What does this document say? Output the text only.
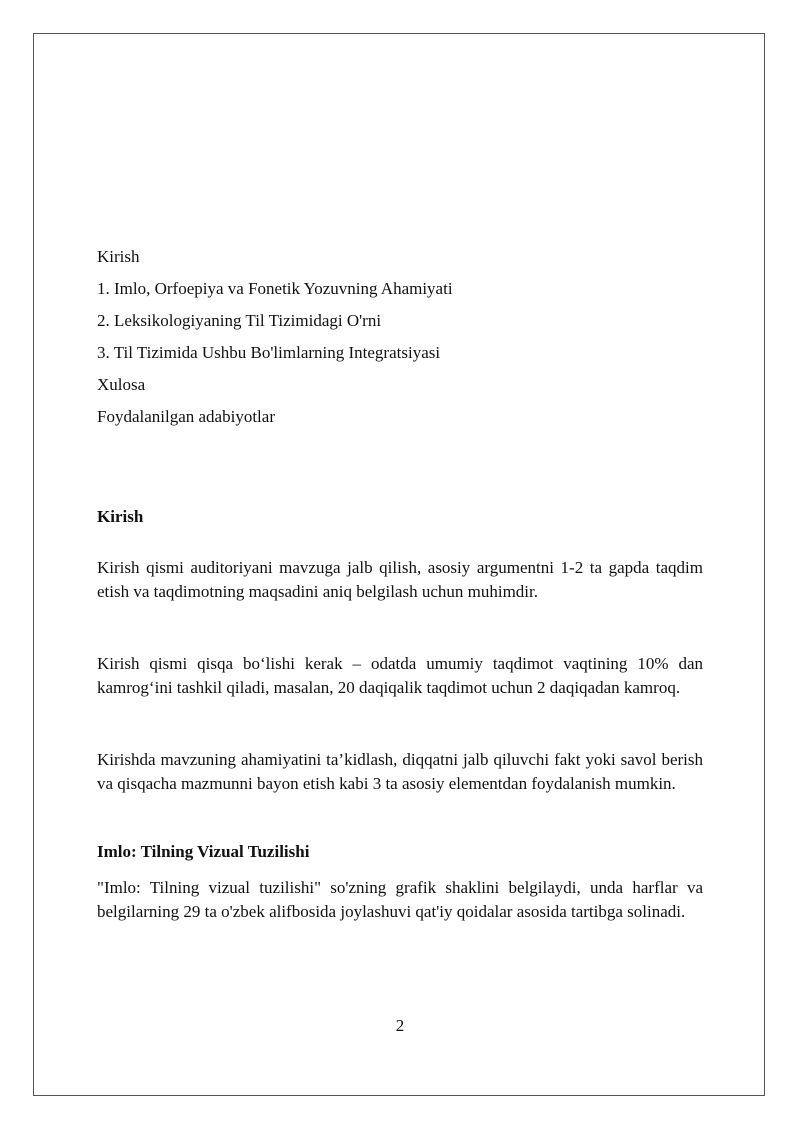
Kirish
1. Imlo, Orfoepiya va Fonetik Yozuvning Ahamiyati
2. Leksikologiyaning Til Tizimidagi O'rni
3. Til Tizimida Ushbu Bo'limlarning Integratsiyasi
Xulosa
Foydalanilgan adabiyotlar
Kirish

Kirish qismi auditoriyani mavzuga jalb qilish, asosiy argumentni 1-2 ta gapda taqdim etish va taqdimotning maqsadini aniq belgilash uchun muhimdir.

Kirish qismi qisqa bo‘lishi kerak – odatda umumiy taqdimot vaqtining 10% dan kamrog‘ini tashkil qiladi, masalan, 20 daqiqalik taqdimot uchun 2 daqiqadan kamroq.

Kirishda mavzuning ahamiyatini ta’kidlash, diqqatni jalb qiluvchi fakt yoki savol berish va qisqacha mazmunni bayon etish kabi 3 ta asosiy elementdan foydalanish mumkin.

Imlo: Tilning Vizual Tuzilishi

"Imlo: Tilning vizual tuzilishi" so'zning grafik shaklini belgilaydi, unda harflar va belgilarning 29 ta o'zbek alifbosida joylashuvi qat'iy qoidalar asosida tartibga solinadi.

2
